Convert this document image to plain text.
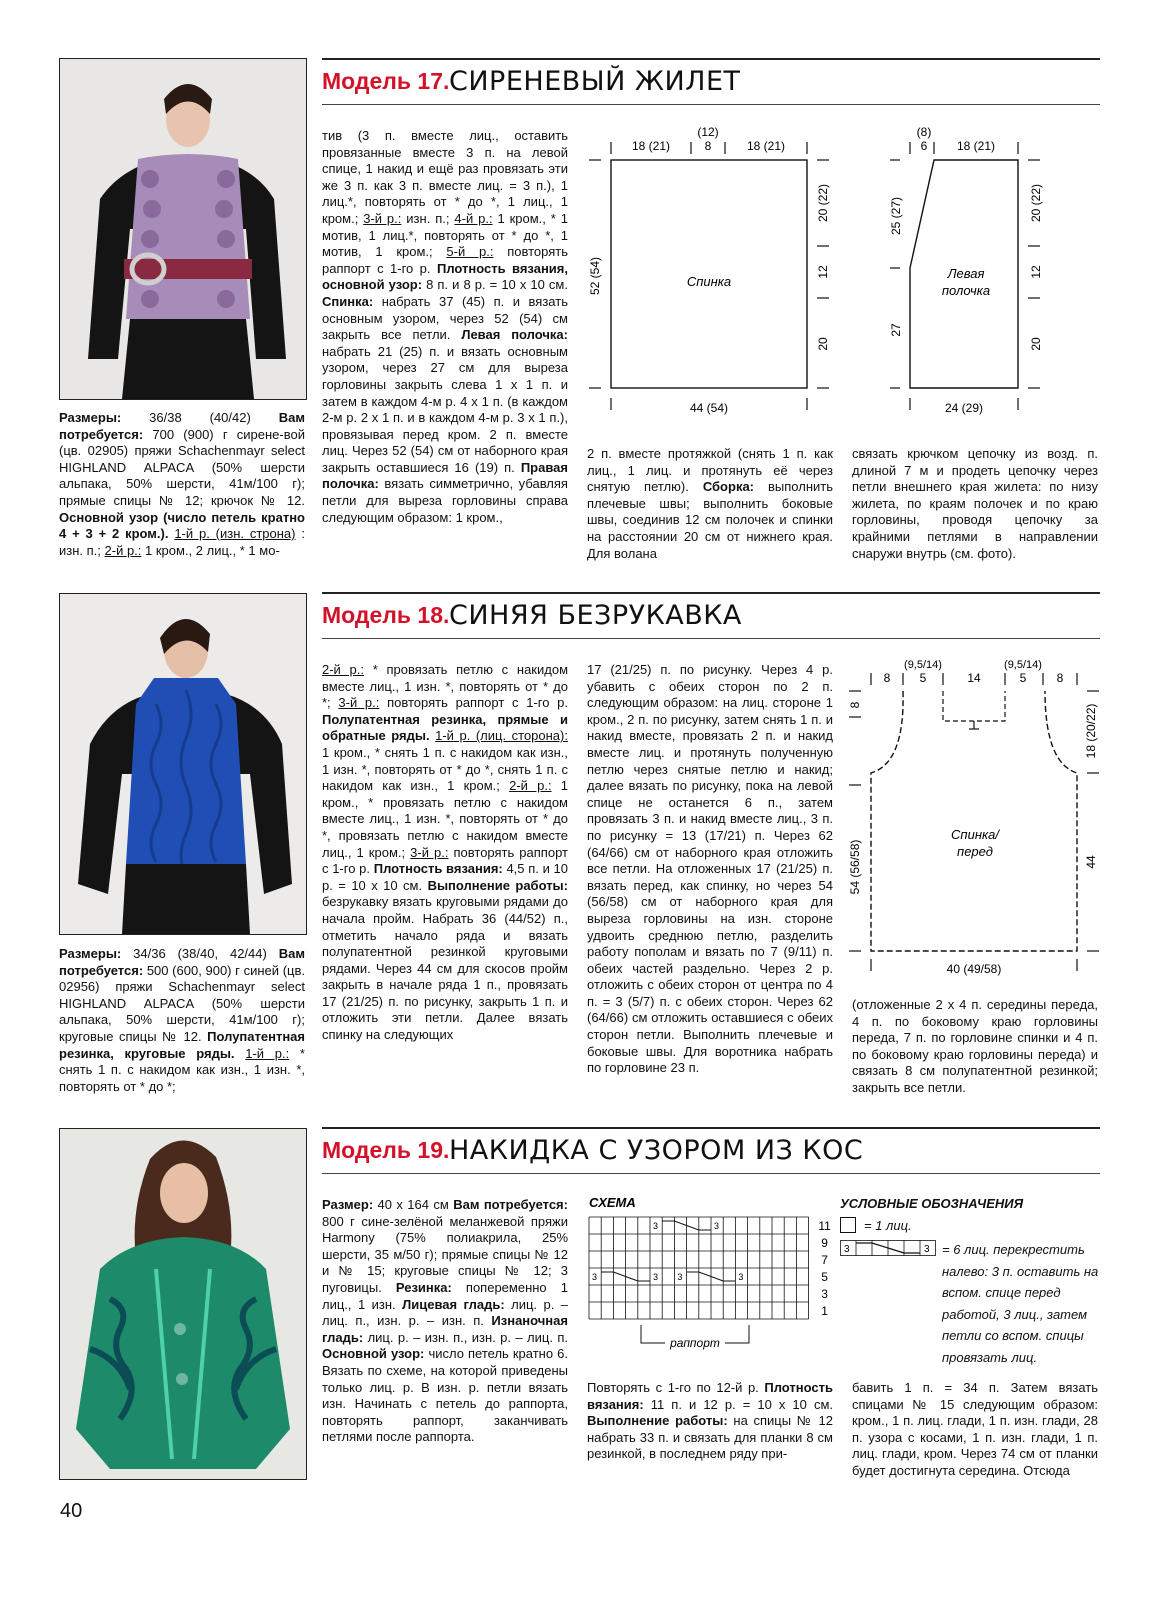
Модель 17. СИРЕНЕВЫЙ ЖИЛЕТ
Размеры: 36/38 (40/42) Вам потребуется: 700 (900) г сирене-вой (цв. 02905) пряжи Schachenmayr select HIGHLAND ALPACA (50% шерсти альпака, 50% шерсти, 41м/100 г); прямые спицы № 12; крючок № 12. Основной узор (число петель кратно 4 + 3 + 2 кром.). 1-й р. (изн. строна) : изн. п.; 2-й р.: 1 кром., 2 лиц., * 1 мо-
тив (3 п. вместе лиц., оставить провязанные вместе 3 п. на левой спице, 1 накид и ещё раз провязать эти же 3 п. как 3 п. вместе лиц. = 3 п.), 1 лиц.*, повторять от * до *, 1 лиц., 1 кром.; 3-й р.: изн. п.; 4-й р.: 1 кром., * 1 мотив, 1 лиц.*, повторять от * до *, 1 мотив, 1 кром.; 5-й р.: повторять раппорт с 1-го р. Плотность вязания, основной узор: 8 п. и 8 р. = 10 х 10 см. Спинка: набрать 37 (45) п. и вязать основным узором, через 52 (54) см закрыть все петли. Левая полочка: набрать 21 (25) п. и вязать основным узором, через 27 см для выреза горловины закрыть слева 1 х 1 п. и затем в каждом 4-м р. 4 х 1 п. (в каждом 2-м р. 2 х 1 п. и в каждом 4-м р. 3 х 1 п.), провязывая перед кром. 2 п. вместе лиц. Через 52 (54) см от наборного края закрыть оставшиеся 16 (19) п. Правая полочка: вязать симметрично, убавляя петли для выреза горловины справа следующим образом: 1 кром.,
2 п. вместе протяжкой (снять 1 п. как лиц., 1 лиц. и протянуть её через снятую петлю). Сборка: выполнить плечевые швы; выполнить боковые швы, соединив 12 см полочек и спинки на расстоянии 20 см от нижнего края. Для волана
связать крючком цепочку из возд. п. длиной 7 м и продеть цепочку через петли внешнего края жилета: по низу жилета, по краям полочек и по краю горловины, проводя цепочку за крайними петлями в направлении снаружи внутрь (см. фото).
18 (21)
(12)
8	18 (21)
52 (54)
20 (22)
12
20
Спинка
44 (54)
(8)
6 18 (21)
25 (27)
27
20 (22)
12
20
Левая
полочка
24 (29)
Модель 18. СИНЯЯ БЕЗРУКАВКА
Размеры: 34/36 (38/40, 42/44) Вам потребуется: 500 (600, 900) г синей (цв. 02956) пряжи Schachenmayr select HIGHLAND ALPACA (50% шерсти альпака, 50% шерсти, 41м/100 г); круговые спицы № 12. Полупатентная резинка, круговые ряды. 1-й р.: * снять 1 п. с накидом как изн., 1 изн. *, повторять от * до *;
2-й р.: * провязать петлю с накидом вместе лиц., 1 изн. *, повторять от * до *; 3-й р.: повторять раппорт с 1-го р. Полупатентная резинка, прямые и обратные ряды. 1-й р. (лиц. сторона): 1 кром., * снять 1 п. с накидом как изн., 1 изн. *, повторять от * до *, снять 1 п. с накидом как изн., 1 кром.; 2-й р.: 1 кром., * провязать петлю с накидом вместе лиц., 1 изн. *, повторять от * до *, провязать петлю с накидом вместе лиц., 1 кром.; 3-й р.: повторять раппорт с 1-го р. Плотность вязания: 4,5 п. и 10 р. = 10 х 10 см. Выполнение работы: безрукавку вязать круговыми рядами до начала пройм. Набрать 36 (44/52) п., отметить начало ряда и вязать полупатентной резинкой круговыми рядами. Через 44 см для скосов пройм закрыть в начале ряда 1 п., провязать 17 (21/25) п. по рисунку, закрыть 1 п. и отложить эти петли. Далее вязать спинку на следующих
17 (21/25) п. по рисунку. Через 4 р. убавить с обеих сторон по 2 п. следующим образом: на лиц. стороне 1 кром., 2 п. по рисунку, затем снять 1 п. и накид вместе, провязать 2 п. и накид вместе лиц. и протянуть полученную петлю через снятые петлю и накид; далее вязать по рисунку, пока на левой спице не останется 6 п., затем провязать 3 п. и накид вместе лиц., 3 п. по рисунку = 13 (17/21) п. Через 62 (64/66) см от наборного края отложить все петли. На отложенных 17 (21/25) п. вязать перед, как спинку, но через 54 (56/58) см от наборного края для выреза горловины на изн. стороне удвоить среднюю петлю, разделить работу пополам и вязать по 7 (9/11) п. обеих частей раздельно. Через 2 р. отложить с обеих сторон от центра по 4 п. = 3 (5/7) п. с обеих сторон. Через 62 (64/66) см отложить оставшиеся с обеих сторон петли. Выполнить плечевые и боковые швы. Для воротника набрать по горловине 23 п.
(отложенные 2 х 4 п. середины переда, 4 п. по боковому краю горловины переда, 7 п. по горловине спинки и 4 п. по боковому краю горловины переда) и связать 8 см полупатентной резинкой; закрыть все петли.
8
(9,5/14)
5	14
(9,5/14)
5	8
8
54 (56/58)
18 (20/22)
44
Спинка/
перед
40 (49/58)
Модель 19. НАКИДКА С УЗОРОМ ИЗ КОС
Размер: 40 х 164 см Вам потребуется: 800 г сине-зелёной меланжевой пряжи Harmony (75% полиакрила, 25% шерсти, 35 м/50 г); прямые спицы № 12 и № 15; круговые спицы № 12; 3 пуговицы. Резинка: попеременно 1 лиц., 1 изн. Лицевая гладь: лиц. р. – лиц. п., изн. р. – изн. п. Изнаночная гладь: лиц. р. – изн. п., изн. р. – лиц. п. Основной узор: число петель кратно 6. Вязать по схеме, на которой приведены только лиц. р. В изн. р. петли вязать изн. Начинать с петель до раппорта, повторять раппорт, заканчивать петлями после раппорта.
Повторять с 1-го по 12-й р. Плотность вязания: 11 п. и 12 р. = 10 х 10 см. Выполнение работы: на спицы № 12 набрать 33 п. и связать для планки 8 см резинкой, в последнем ряду при-
бавить 1 п. = 34 п. Затем вязать спицами № 15 следующим образом: кром., 1 п. лиц. глади, 1 п. изн. глади, 28 п. узора с косами, 1 п. изн. глади, 1 п. лиц. глади, кром. Через 74 см от планки будет достигнута середина. Отсюда
СХЕМА
3	3
3	3 3	3
11
9
7
5
3
1
раппорт
УСЛОВНЫЕ ОБОЗНАЧЕНИЯ
= 1 лиц.
3	3 = 6 лиц. перекрестить налево: 3 п. оставить на вспом. спице перед работой, 3 лиц., затем петли со вспом. спицы провязать лиц.
40
